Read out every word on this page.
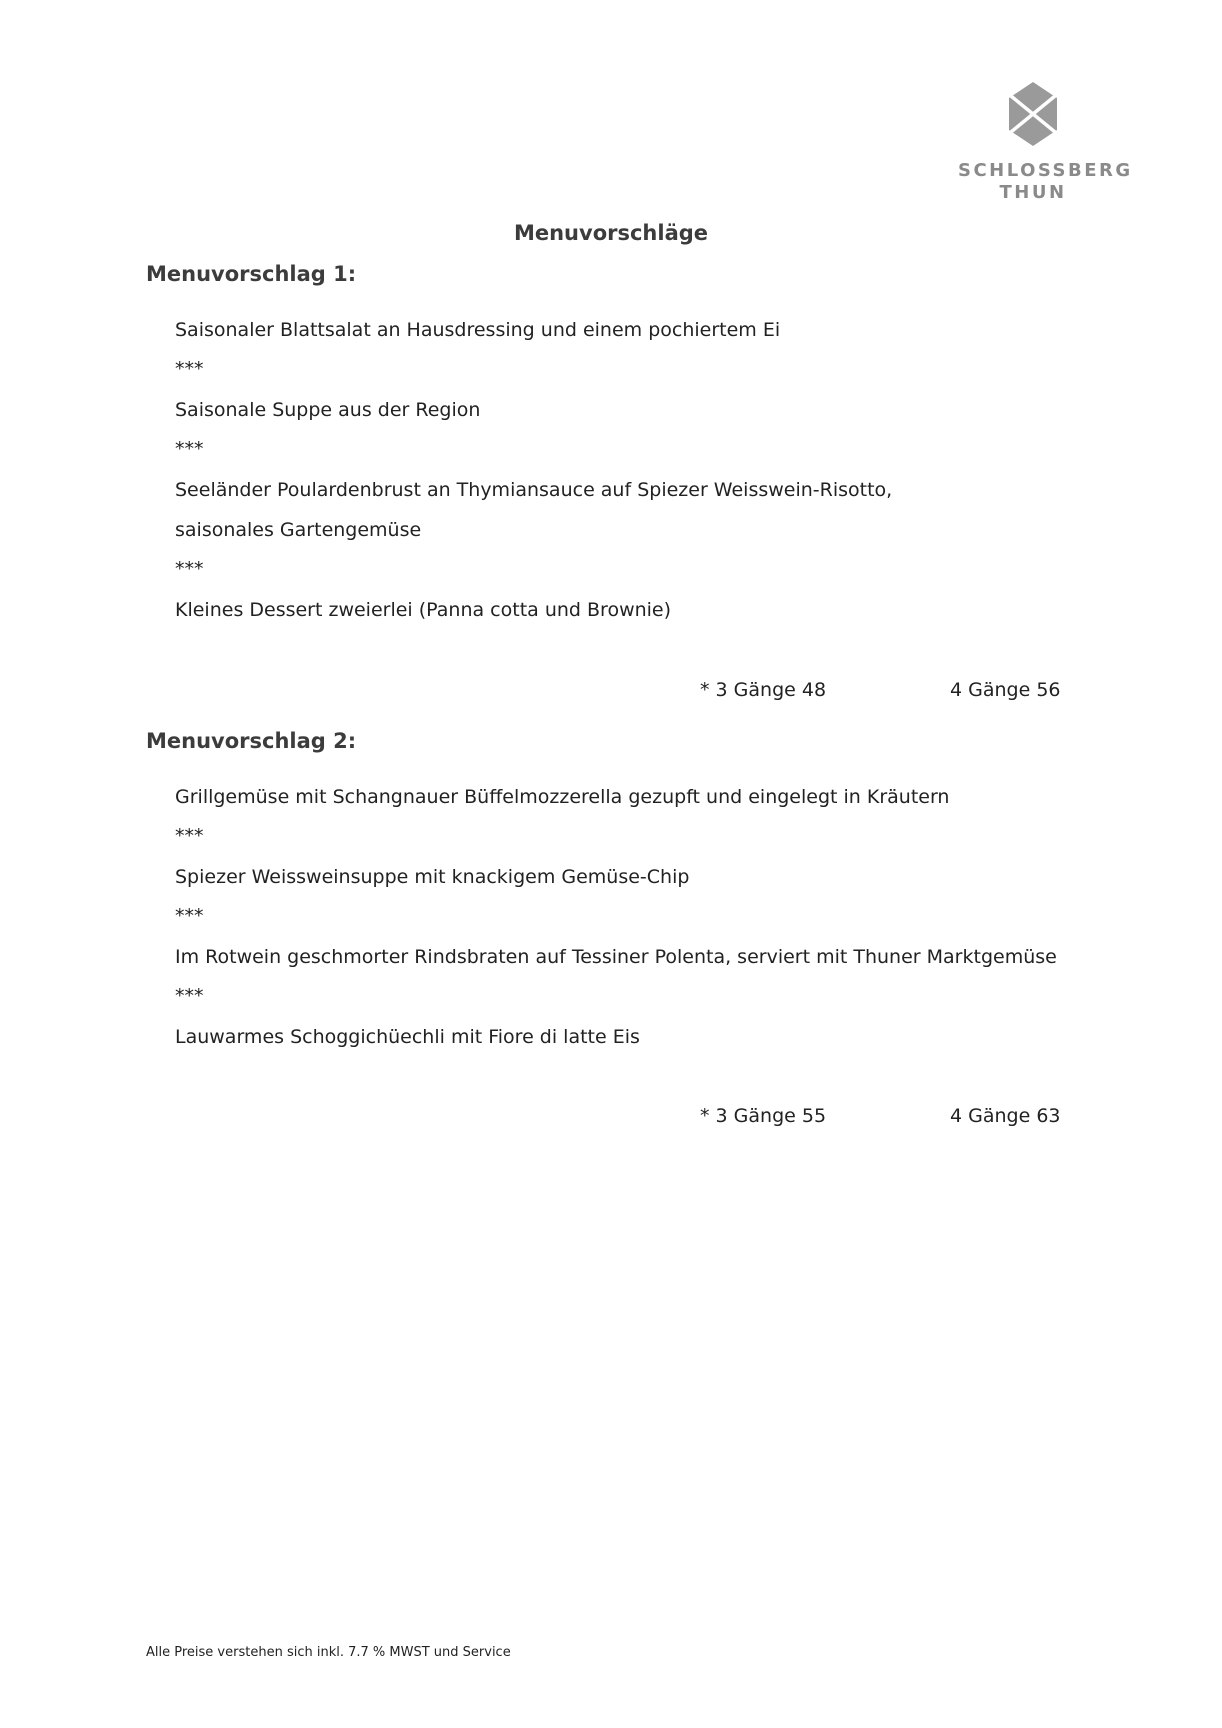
SCHLOSSBERG
THUN
Menuvorschläge
Menuvorschlag 1:
Saisonaler Blattsalat an Hausdressing und einem pochiertem Ei
***
Saisonale Suppe aus der Region
***
Seeländer Poulardenbrust an Thymiansauce auf Spiezer Weisswein-Risotto,
saisonales Gartengemüse
***
Kleines Dessert zweierlei (Panna cotta und Brownie)
* 3 Gänge 48	4 Gänge 56
Menuvorschlag 2:
Grillgemüse mit Schangnauer Büffelmozzerella gezupft und eingelegt in Kräutern
***
Spiezer Weissweinsuppe mit knackigem Gemüse-Chip
***
Im Rotwein geschmorter Rindsbraten auf Tessiner Polenta, serviert mit Thuner Marktgemüse
***
Lauwarmes Schoggichüechli mit Fiore di latte Eis
* 3 Gänge 55	4 Gänge 63
Alle Preise verstehen sich inkl. 7.7 % MWST und Service
